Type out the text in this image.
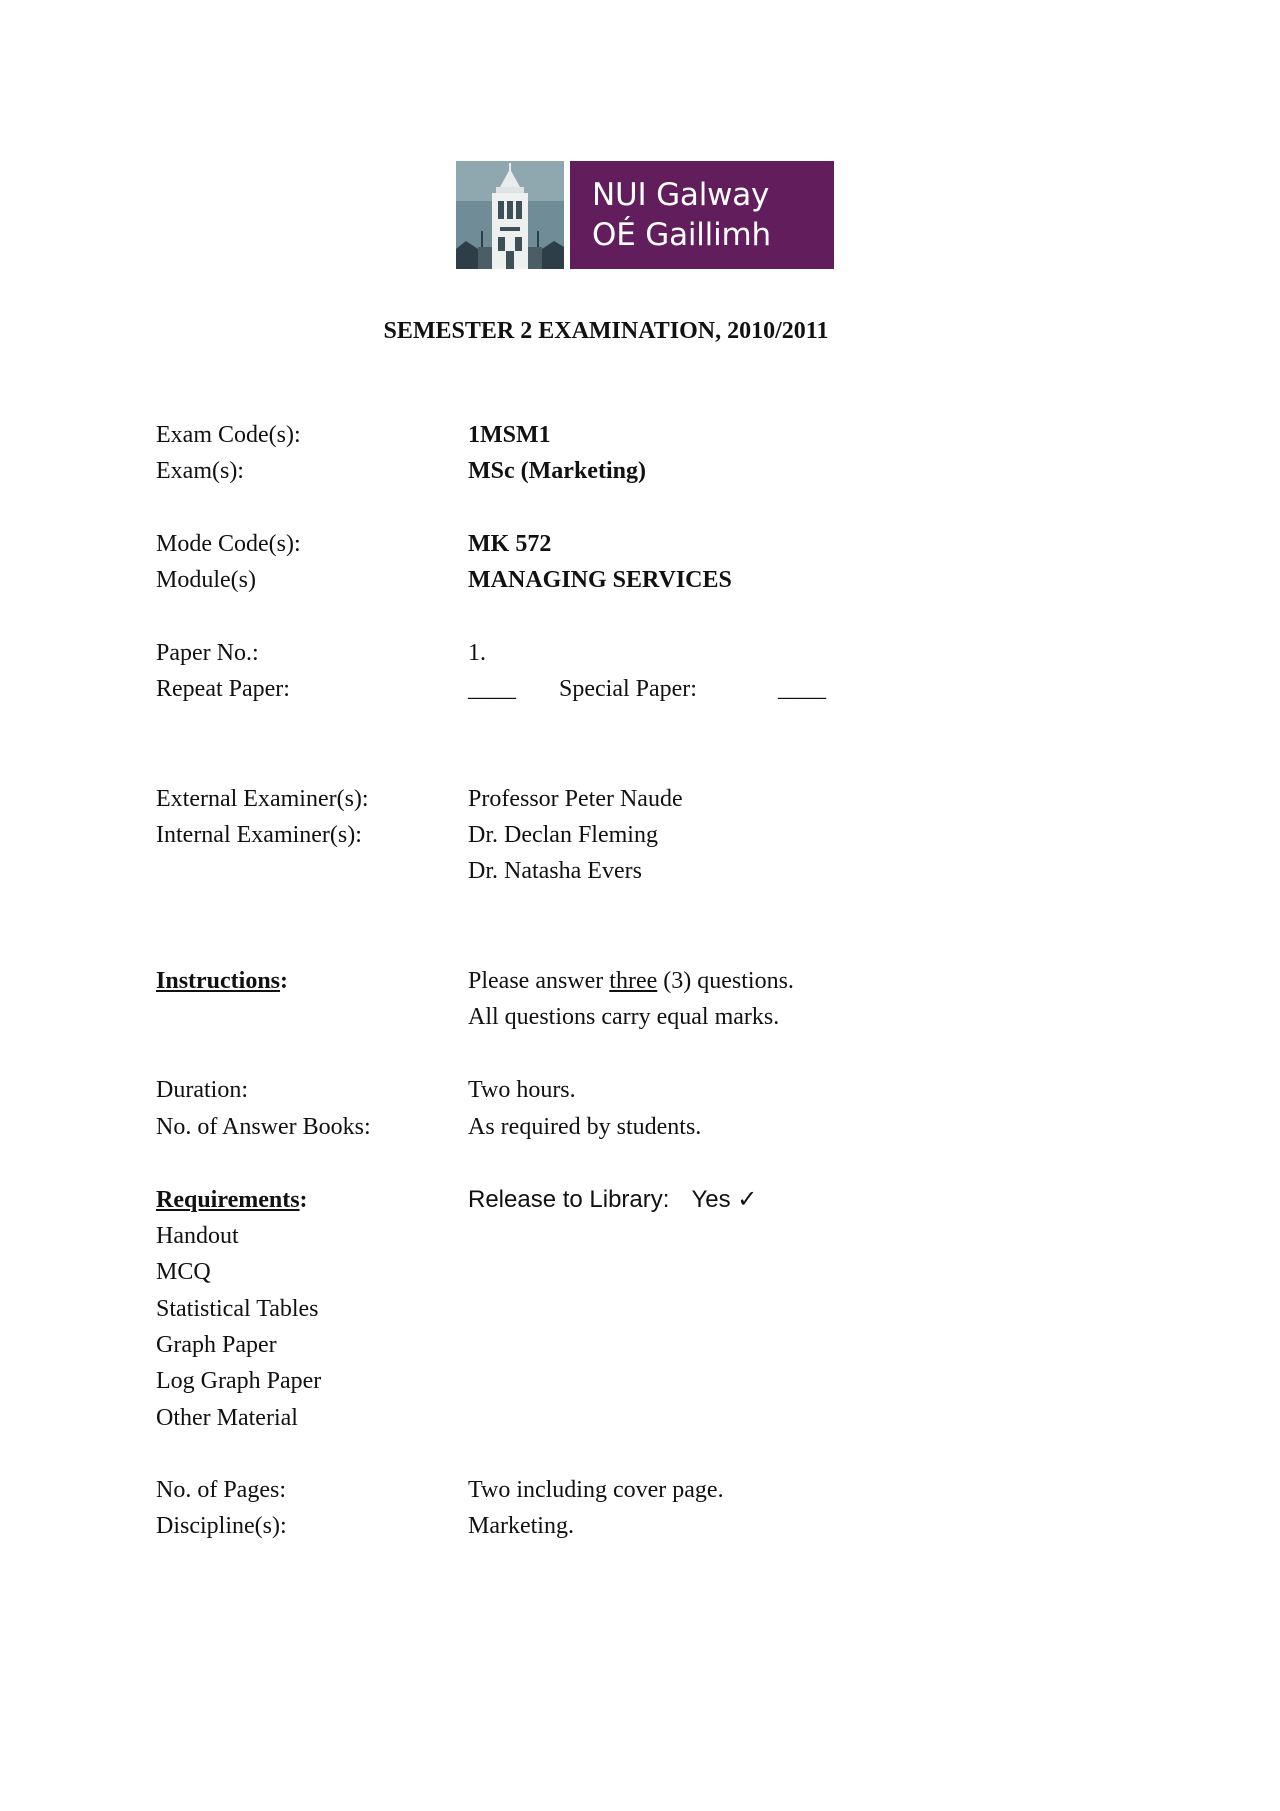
NUI Galway
OÉ Gaillimh
SEMESTER 2 EXAMINATION, 2010/2011
Exam Code(s):	1MSM1
Exam(s):	MSc (Marketing)
Mode Code(s):	MK 572
Module(s)	MANAGING SERVICES
Paper No.:	1.
Repeat Paper:	____ Special Paper:	____
External Examiner(s):	Professor Peter Naude
Internal Examiner(s):	Dr. Declan Fleming
Dr. Natasha Evers
Instructions:	Please answer three (3) questions.
All questions carry equal marks.
Duration:	Two hours.
No. of Answer Books:	As required by students.
Requirements:	Release to Library: Yes ✓
Handout
MCQ
Statistical Tables
Graph Paper
Log Graph Paper
Other Material
No. of Pages:	Two including cover page.
Discipline(s):	Marketing.
